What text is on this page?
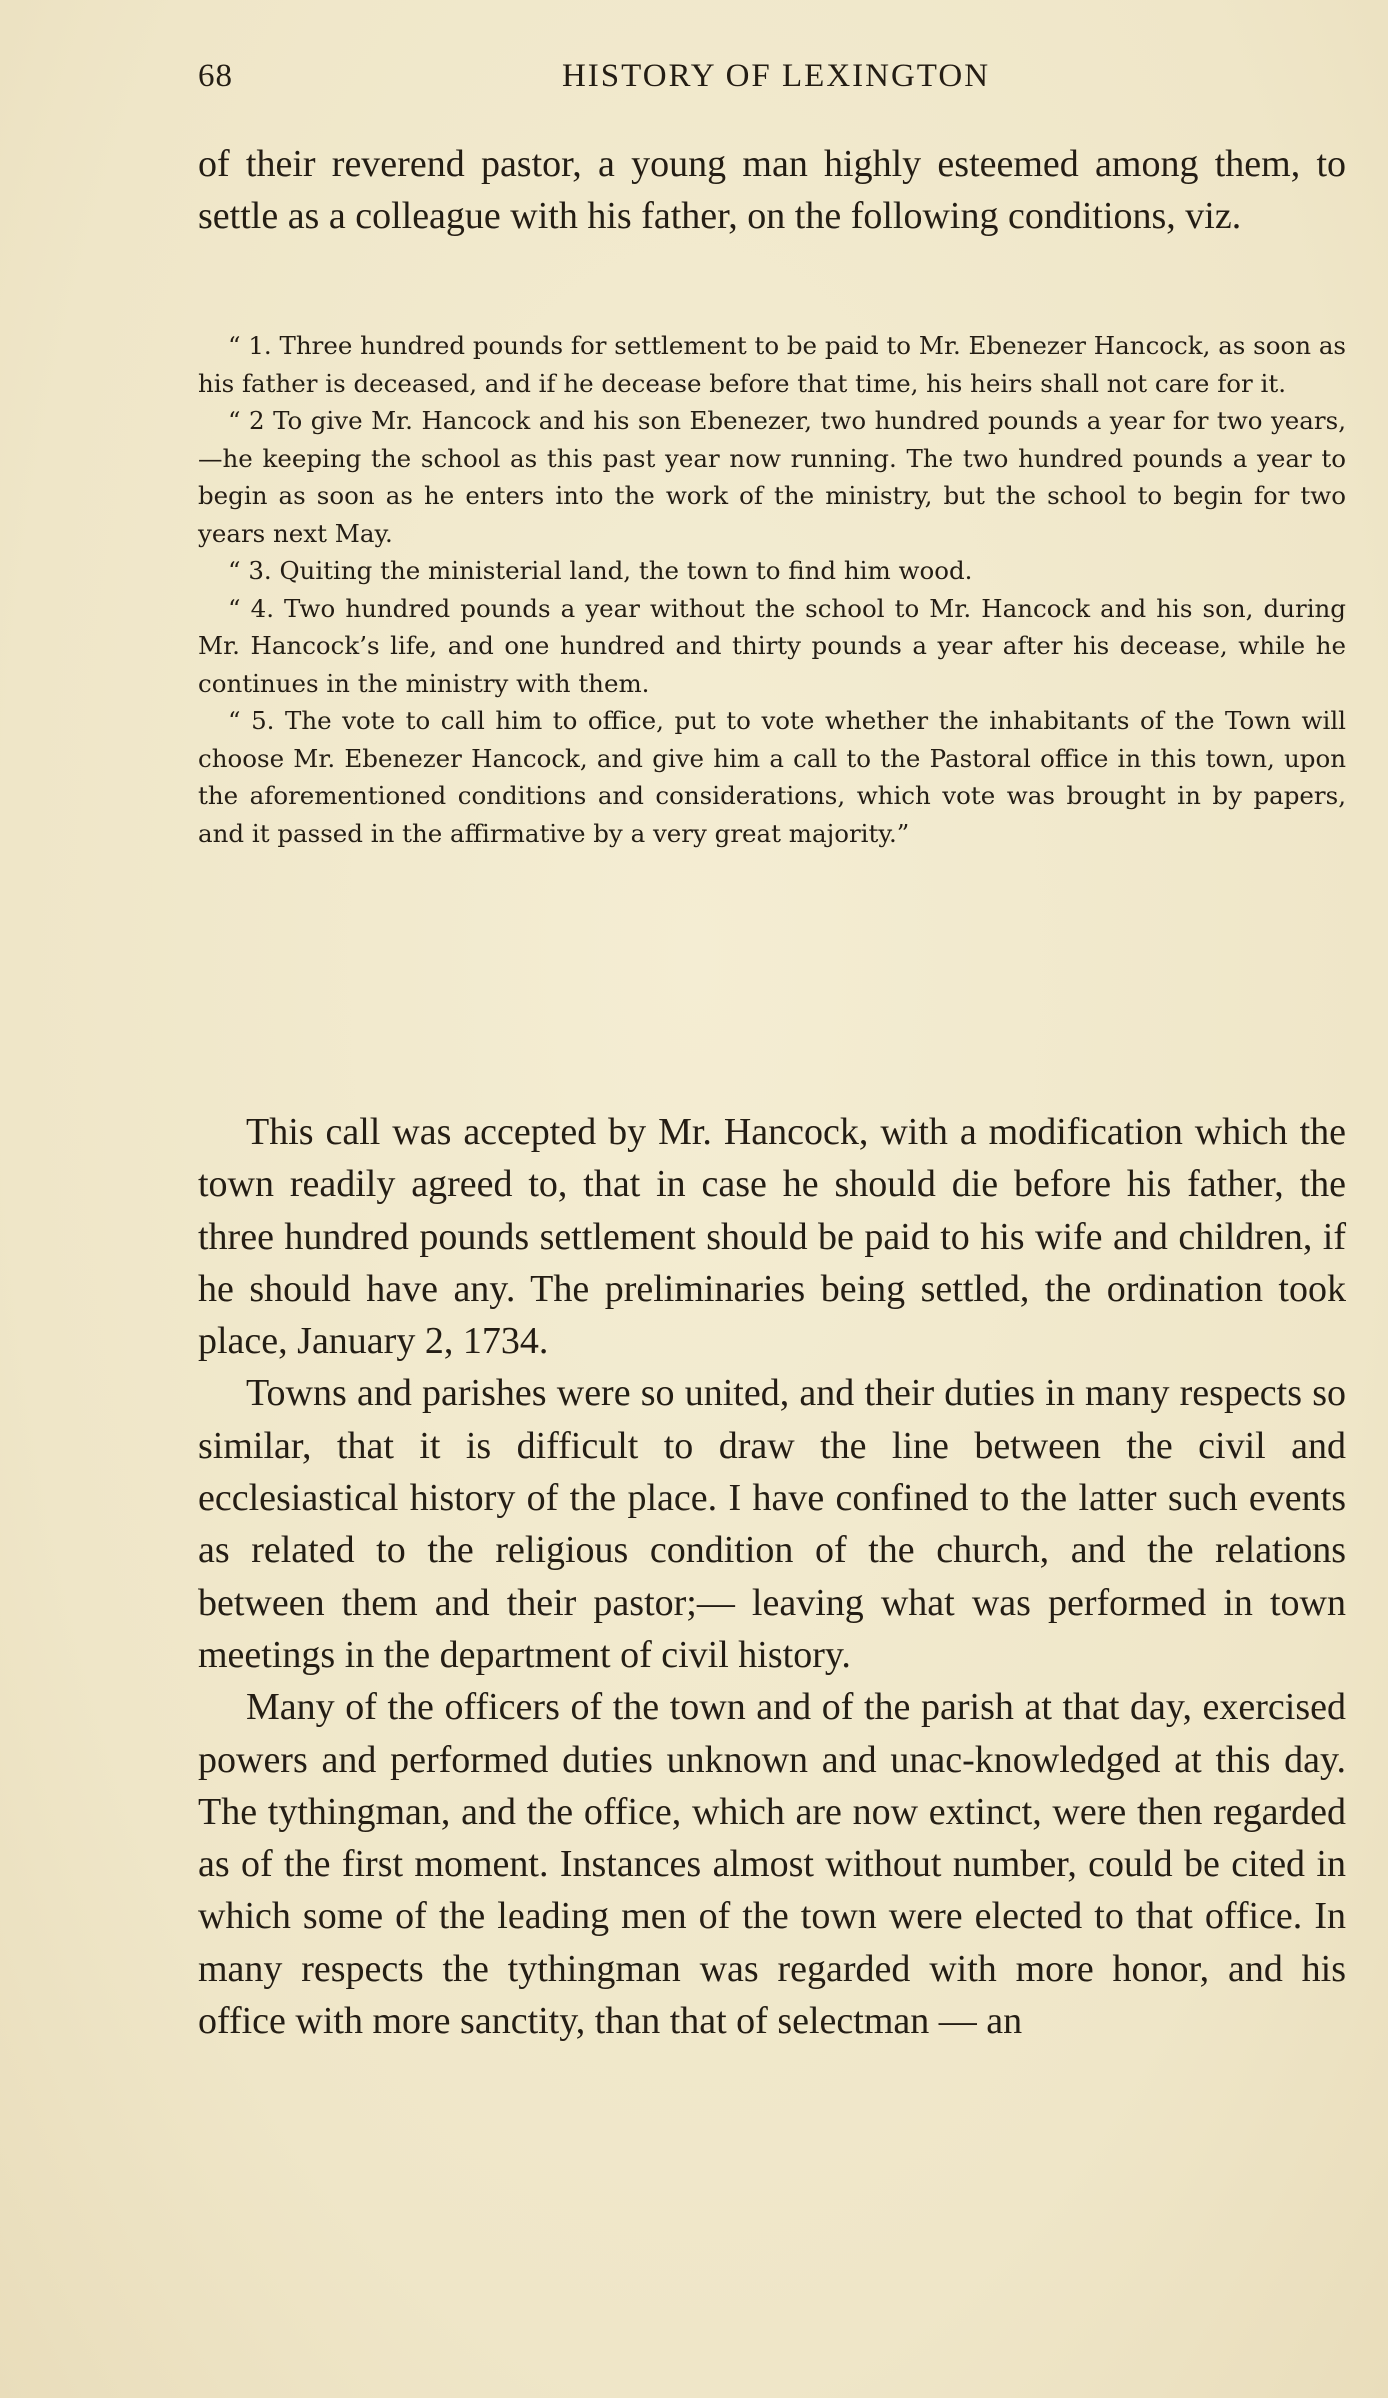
68	HISTORY OF LEXINGTON

of their reverend pastor, a young man highly esteemed among them, to settle as a colleague with his father, on the following conditions, viz.

“ 1. Three hundred pounds for settlement to be paid to Mr. Ebenezer Hancock, as soon as his father is deceased, and if he decease before that time, his heirs shall not care for it.

“ 2 To give Mr. Hancock and his son Ebenezer, two hundred pounds a year for two years,—he keeping the school as this past year now running. The two hundred pounds a year to begin as soon as he enters into the work of the ministry, but the school to begin for two years next May.

“ 3. Quiting the ministerial land, the town to find him wood.

“ 4. Two hundred pounds a year without the school to Mr. Hancock and his son, during Mr. Hancock’s life, and one hundred and thirty pounds a year after his decease, while he continues in the ministry with them.

“ 5. The vote to call him to office, put to vote whether the inhabitants of the Town will choose Mr. Ebenezer Hancock, and give him a call to the Pastoral office in this town, upon the aforementioned conditions and considerations, which vote was brought in by papers, and it passed in the affirmative by a very great majority.”

This call was accepted by Mr. Hancock, with a modification which the town readily agreed to, that in case he should die before his father, the three hundred pounds settlement should be paid to his wife and children, if he should have any. The preliminaries being settled, the ordination took place, January 2, 1734.

Towns and parishes were so united, and their duties in many respects so similar, that it is difficult to draw the line between the civil and ecclesiastical history of the place. I have confined to the latter such events as related to the religious condition of the church, and the relations between them and their pastor;— leaving what was performed in town meetings in the department of civil history.

Many of the officers of the town and of the parish at that day, exercised powers and performed duties unknown and unac-knowledged at this day. The tythingman, and the office, which are now extinct, were then regarded as of the first moment. Instances almost without number, could be cited in which some of the leading men of the town were elected to that office. In many respects the tythingman was regarded with more honor, and his office with more sanctity, than that of selectman — an
